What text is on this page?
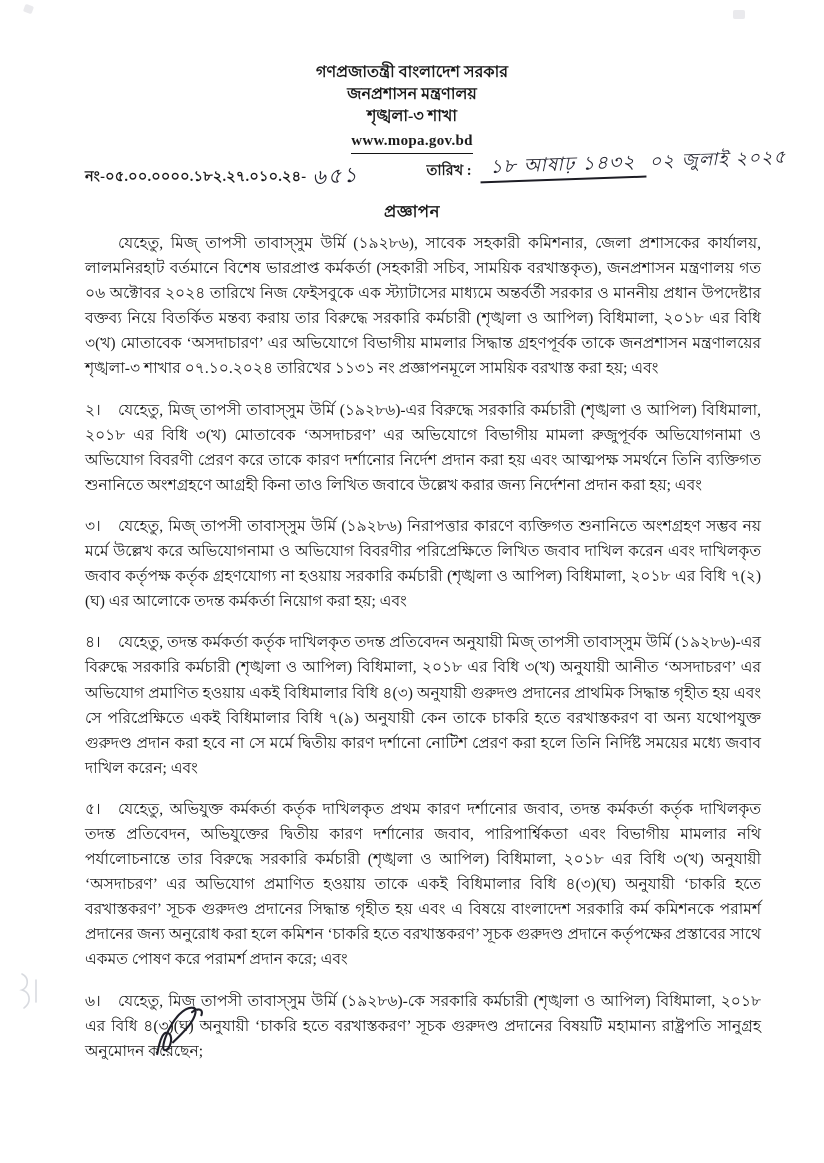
গণপ্রজাতন্ত্রী বাংলাদেশ সরকার
জনপ্রশাসন মন্ত্রণালয়
শৃঙ্খলা-৩ শাখা
www.mopa.gov.bd
নং-০৫.০০.০০০০.১৮২.২৭.০১০.২৪- ৬৫১	তারিখ : ১৮ আষাঢ় ১৪৩২ ০২ জুলাই ২০২৫
প্রজ্ঞাপন

যেহেতু, মিজ্ তাপসী তাবাস্সুম উর্মি (১৯২৮৬), সাবেক সহকারী কমিশনার, জেলা প্রশাসকের কার্যালয়, লালমনিরহাট বর্তমানে বিশেষ ভারপ্রাপ্ত কর্মকর্তা (সহকারী সচিব, সাময়িক বরখাস্তকৃত), জনপ্রশাসন মন্ত্রণালয় গত ০৬ অক্টোবর ২০২৪ তারিখে নিজ ফেইসবুকে এক স্ট্যাটাসের মাধ্যমে অন্তর্বর্তী সরকার ও মাননীয় প্রধান উপদেষ্টার বক্তব্য নিয়ে বিতর্কিত মন্তব্য করায় তার বিরুদ্ধে সরকারি কর্মচারী (শৃঙ্খলা ও আপিল) বিধিমালা, ২০১৮ এর বিধি ৩(খ) মোতাবেক ‘অসদাচারণ’ এর অভিযোগে বিভাগীয় মামলার সিদ্ধান্ত গ্রহণপূর্বক তাকে জনপ্রশাসন মন্ত্রণালয়ের শৃঙ্খলা-৩ শাখার ০৭.১০.২০২৪ তারিখের ১১৩১ নং প্রজ্ঞাপনমূলে সাময়িক বরখাস্ত করা হয়; এবং

২। যেহেতু, মিজ্ তাপসী তাবাস্সুম উর্মি (১৯২৮৬)-এর বিরুদ্ধে সরকারি কর্মচারী (শৃঙ্খলা ও আপিল) বিধিমালা, ২০১৮ এর বিধি ৩(খ) মোতাবেক ‘অসদাচরণ’ এর অভিযোগে বিভাগীয় মামলা রুজুপূর্বক অভিযোগনামা ও অভিযোগ বিবরণী প্রেরণ করে তাকে কারণ দর্শানোর নির্দেশ প্রদান করা হয় এবং আত্মপক্ষ সমর্থনে তিনি ব্যক্তিগত শুনানিতে অংশগ্রহণে আগ্রহী কিনা তাও লিখিত জবাবে উল্লেখ করার জন্য নির্দেশনা প্রদান করা হয়; এবং

৩। যেহেতু, মিজ্ তাপসী তাবাস্সুম উর্মি (১৯২৮৬) নিরাপত্তার কারণে ব্যক্তিগত শুনানিতে অংশগ্রহণ সম্ভব নয় মর্মে উল্লেখ করে অভিযোগনামা ও অভিযোগ বিবরণীর পরিপ্রেক্ষিতে লিখিত জবাব দাখিল করেন এবং দাখিলকৃত জবাব কর্তৃপক্ষ কর্তৃক গ্রহণযোগ্য না হওয়ায় সরকারি কর্মচারী (শৃঙ্খলা ও আপিল) বিধিমালা, ২০১৮ এর বিধি ৭(২)(ঘ) এর আলোকে তদন্ত কর্মকর্তা নিয়োগ করা হয়; এবং

৪। যেহেতু, তদন্ত কর্মকর্তা কর্তৃক দাখিলকৃত তদন্ত প্রতিবেদন অনুযায়ী মিজ্ তাপসী তাবাস্সুম উর্মি (১৯২৮৬)-এর বিরুদ্ধে সরকারি কর্মচারী (শৃঙ্খলা ও আপিল) বিধিমালা, ২০১৮ এর বিধি ৩(খ) অনুযায়ী আনীত ‘অসদাচরণ’ এর অভিযোগ প্রমাণিত হওয়ায় একই বিধিমালার বিধি ৪(৩) অনুযায়ী গুরুদণ্ড প্রদানের প্রাথমিক সিদ্ধান্ত গৃহীত হয় এবং সে পরিপ্রেক্ষিতে একই বিধিমালার বিধি ৭(৯) অনুযায়ী কেন তাকে চাকরি হতে বরখাস্তকরণ বা অন্য যথোপযুক্ত গুরুদণ্ড প্রদান করা হবে না সে মর্মে দ্বিতীয় কারণ দর্শানো নোটিশ প্রেরণ করা হলে তিনি নির্দিষ্ট সময়ের মধ্যে জবাব দাখিল করেন; এবং

৫। যেহেতু, অভিযুক্ত কর্মকর্তা কর্তৃক দাখিলকৃত প্রথম কারণ দর্শানোর জবাব, তদন্ত কর্মকর্তা কর্তৃক দাখিলকৃত তদন্ত প্রতিবেদন, অভিযুক্তের দ্বিতীয় কারণ দর্শানোর জবাব, পারিপার্শ্বিকতা এবং বিভাগীয় মামলার নথি পর্যালোচনান্তে তার বিরুদ্ধে সরকারি কর্মচারী (শৃঙ্খলা ও আপিল) বিধিমালা, ২০১৮ এর বিধি ৩(খ) অনুযায়ী ‘অসদাচরণ’ এর অভিযোগ প্রমাণিত হওয়ায় তাকে একই বিধিমালার বিধি ৪(৩)(ঘ) অনুযায়ী ‘চাকরি হতে বরখাস্তকরণ’ সূচক গুরুদণ্ড প্রদানের সিদ্ধান্ত গৃহীত হয় এবং এ বিষয়ে বাংলাদেশ সরকারি কর্ম কমিশনকে পরামর্শ প্রদানের জন্য অনুরোধ করা হলে কমিশন ‘চাকরি হতে বরখাস্তকরণ’ সূচক গুরুদণ্ড প্রদানে কর্তৃপক্ষের প্রস্তাবের সাথে একমত পোষণ করে পরামর্শ প্রদান করে; এবং

৬। যেহেতু, মিজ্ তাপসী তাবাস্সুম উর্মি (১৯২৮৬)-কে সরকারি কর্মচারী (শৃঙ্খলা ও আপিল) বিধিমালা, ২০১৮ এর বিধি ৪(৩)(ঘ) অনুযায়ী ‘চাকরি হতে বরখাস্তকরণ’ সূচক গুরুদণ্ড প্রদানের বিষয়টি মহামান্য রাষ্ট্রপতি সানুগ্রহ অনুমোদন করেছেন;
